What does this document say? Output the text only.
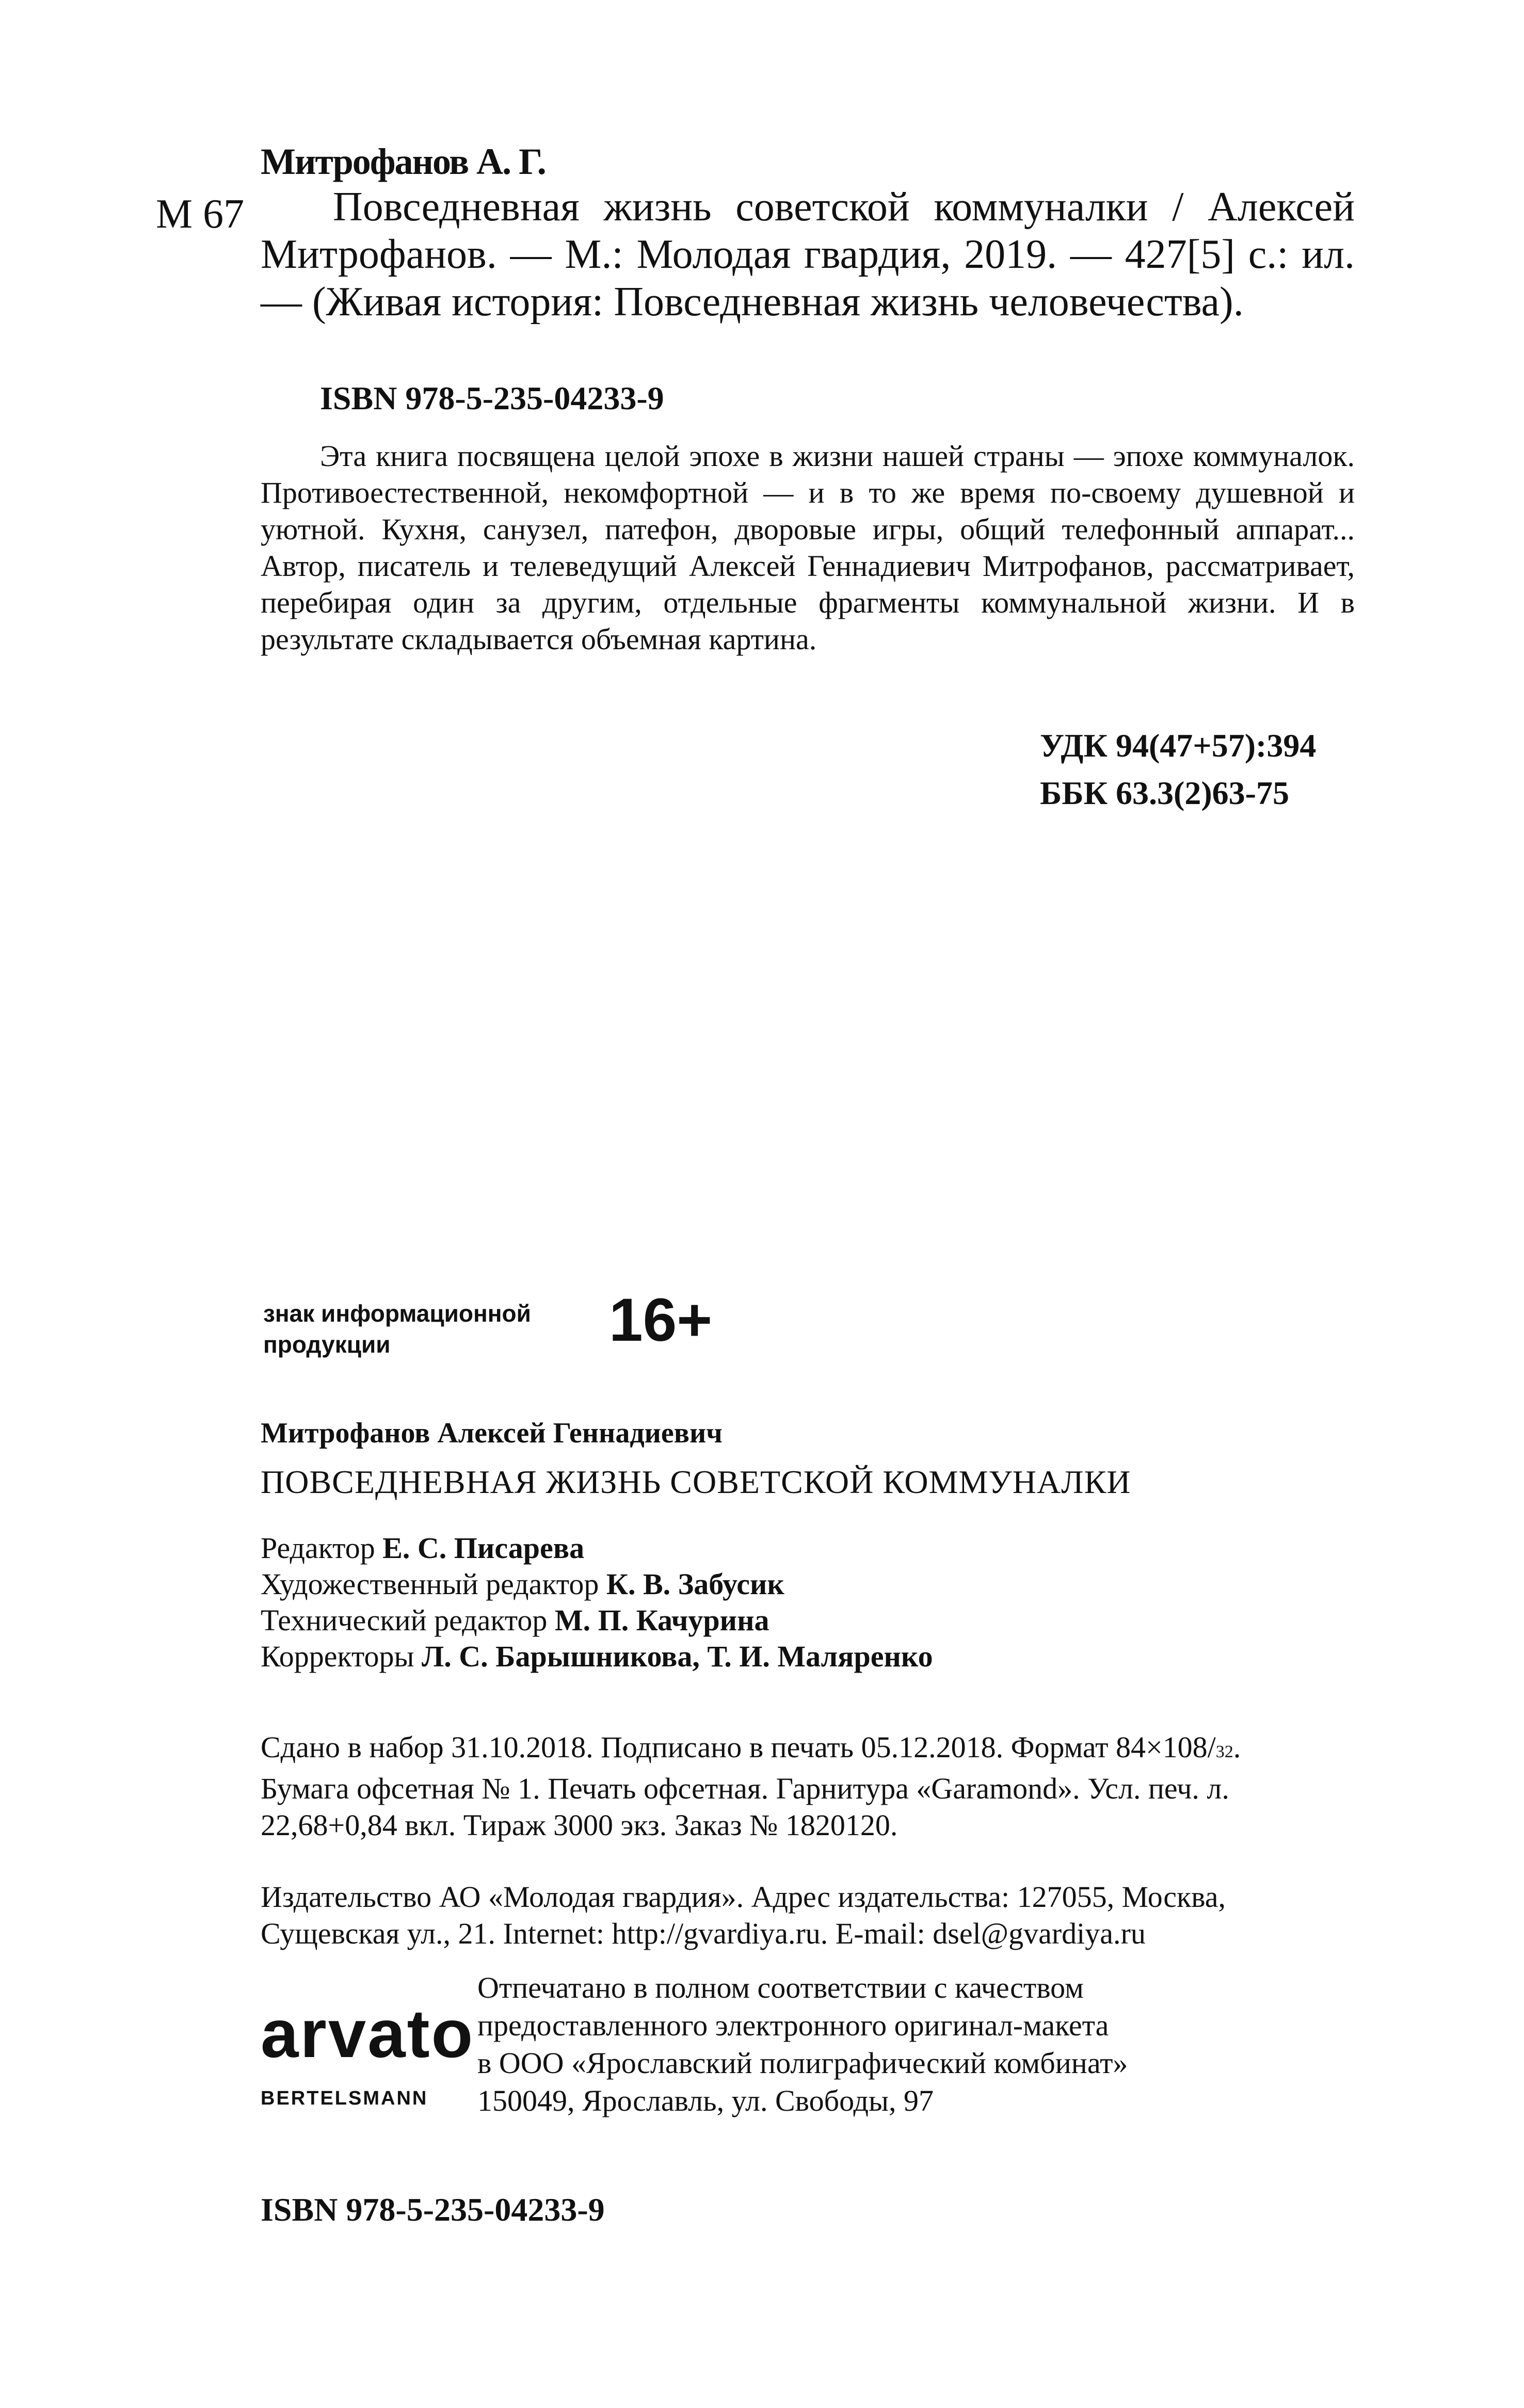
Митрофанов А. Г.
М 67	Повседневная жизнь советской коммуналки / Алексей Митрофанов. — М.: Молодая гвардия, 2019. — 427[5] с.: ил. — (Живая история: Повседневная жизнь человечества).
ISBN 978-5-235-04233-9
Эта книга посвящена целой эпохе в жизни нашей страны — эпохе коммуналок. Противоестественной, некомфортной — и в то же время по-своему душевной и уютной. Кухня, санузел, патефон, дворовые игры, общий телефонный аппарат... Автор, писатель и телеведущий Алексей Геннадиевич Митрофанов, рассматривает, перебирая один за другим, отдельные фрагменты коммунальной жизни. И в результате складывается объемная картина.
УДК 94(47+57):394
ББК 63.3(2)63-75
знак информационной
продукции	16+
Митрофанов Алексей Геннадиевич
ПОВСЕДНЕВНАЯ ЖИЗНЬ СОВЕТСКОЙ КОММУНАЛКИ
Редактор Е. С. Писарева
Художественный редактор К. В. Забусик
Технический редактор М. П. Качурина
Корректоры Л. С. Барышникова, Т. И. Маляренко
Сдано в набор 31.10.2018. Подписано в печать 05.12.2018. Формат 84×108/32.
Бумага офсетная № 1. Печать офсетная. Гарнитура «Garamond». Усл. печ. л.
22,68+0,84 вкл. Тираж 3000 экз. Заказ № 1820120.
Издательство АО «Молодая гвардия». Адрес издательства: 127055, Москва,
Сущевская ул., 21. Internet: http://gvardiya.ru. E-mail: dsel@gvardiya.ru
arvato
BERTELSMANN
Отпечатано в полном соответствии с качеством
предоставленного электронного оригинал-макета
в ООО «Ярославский полиграфический комбинат»
150049, Ярославль, ул. Свободы, 97
ISBN 978-5-235-04233-9
